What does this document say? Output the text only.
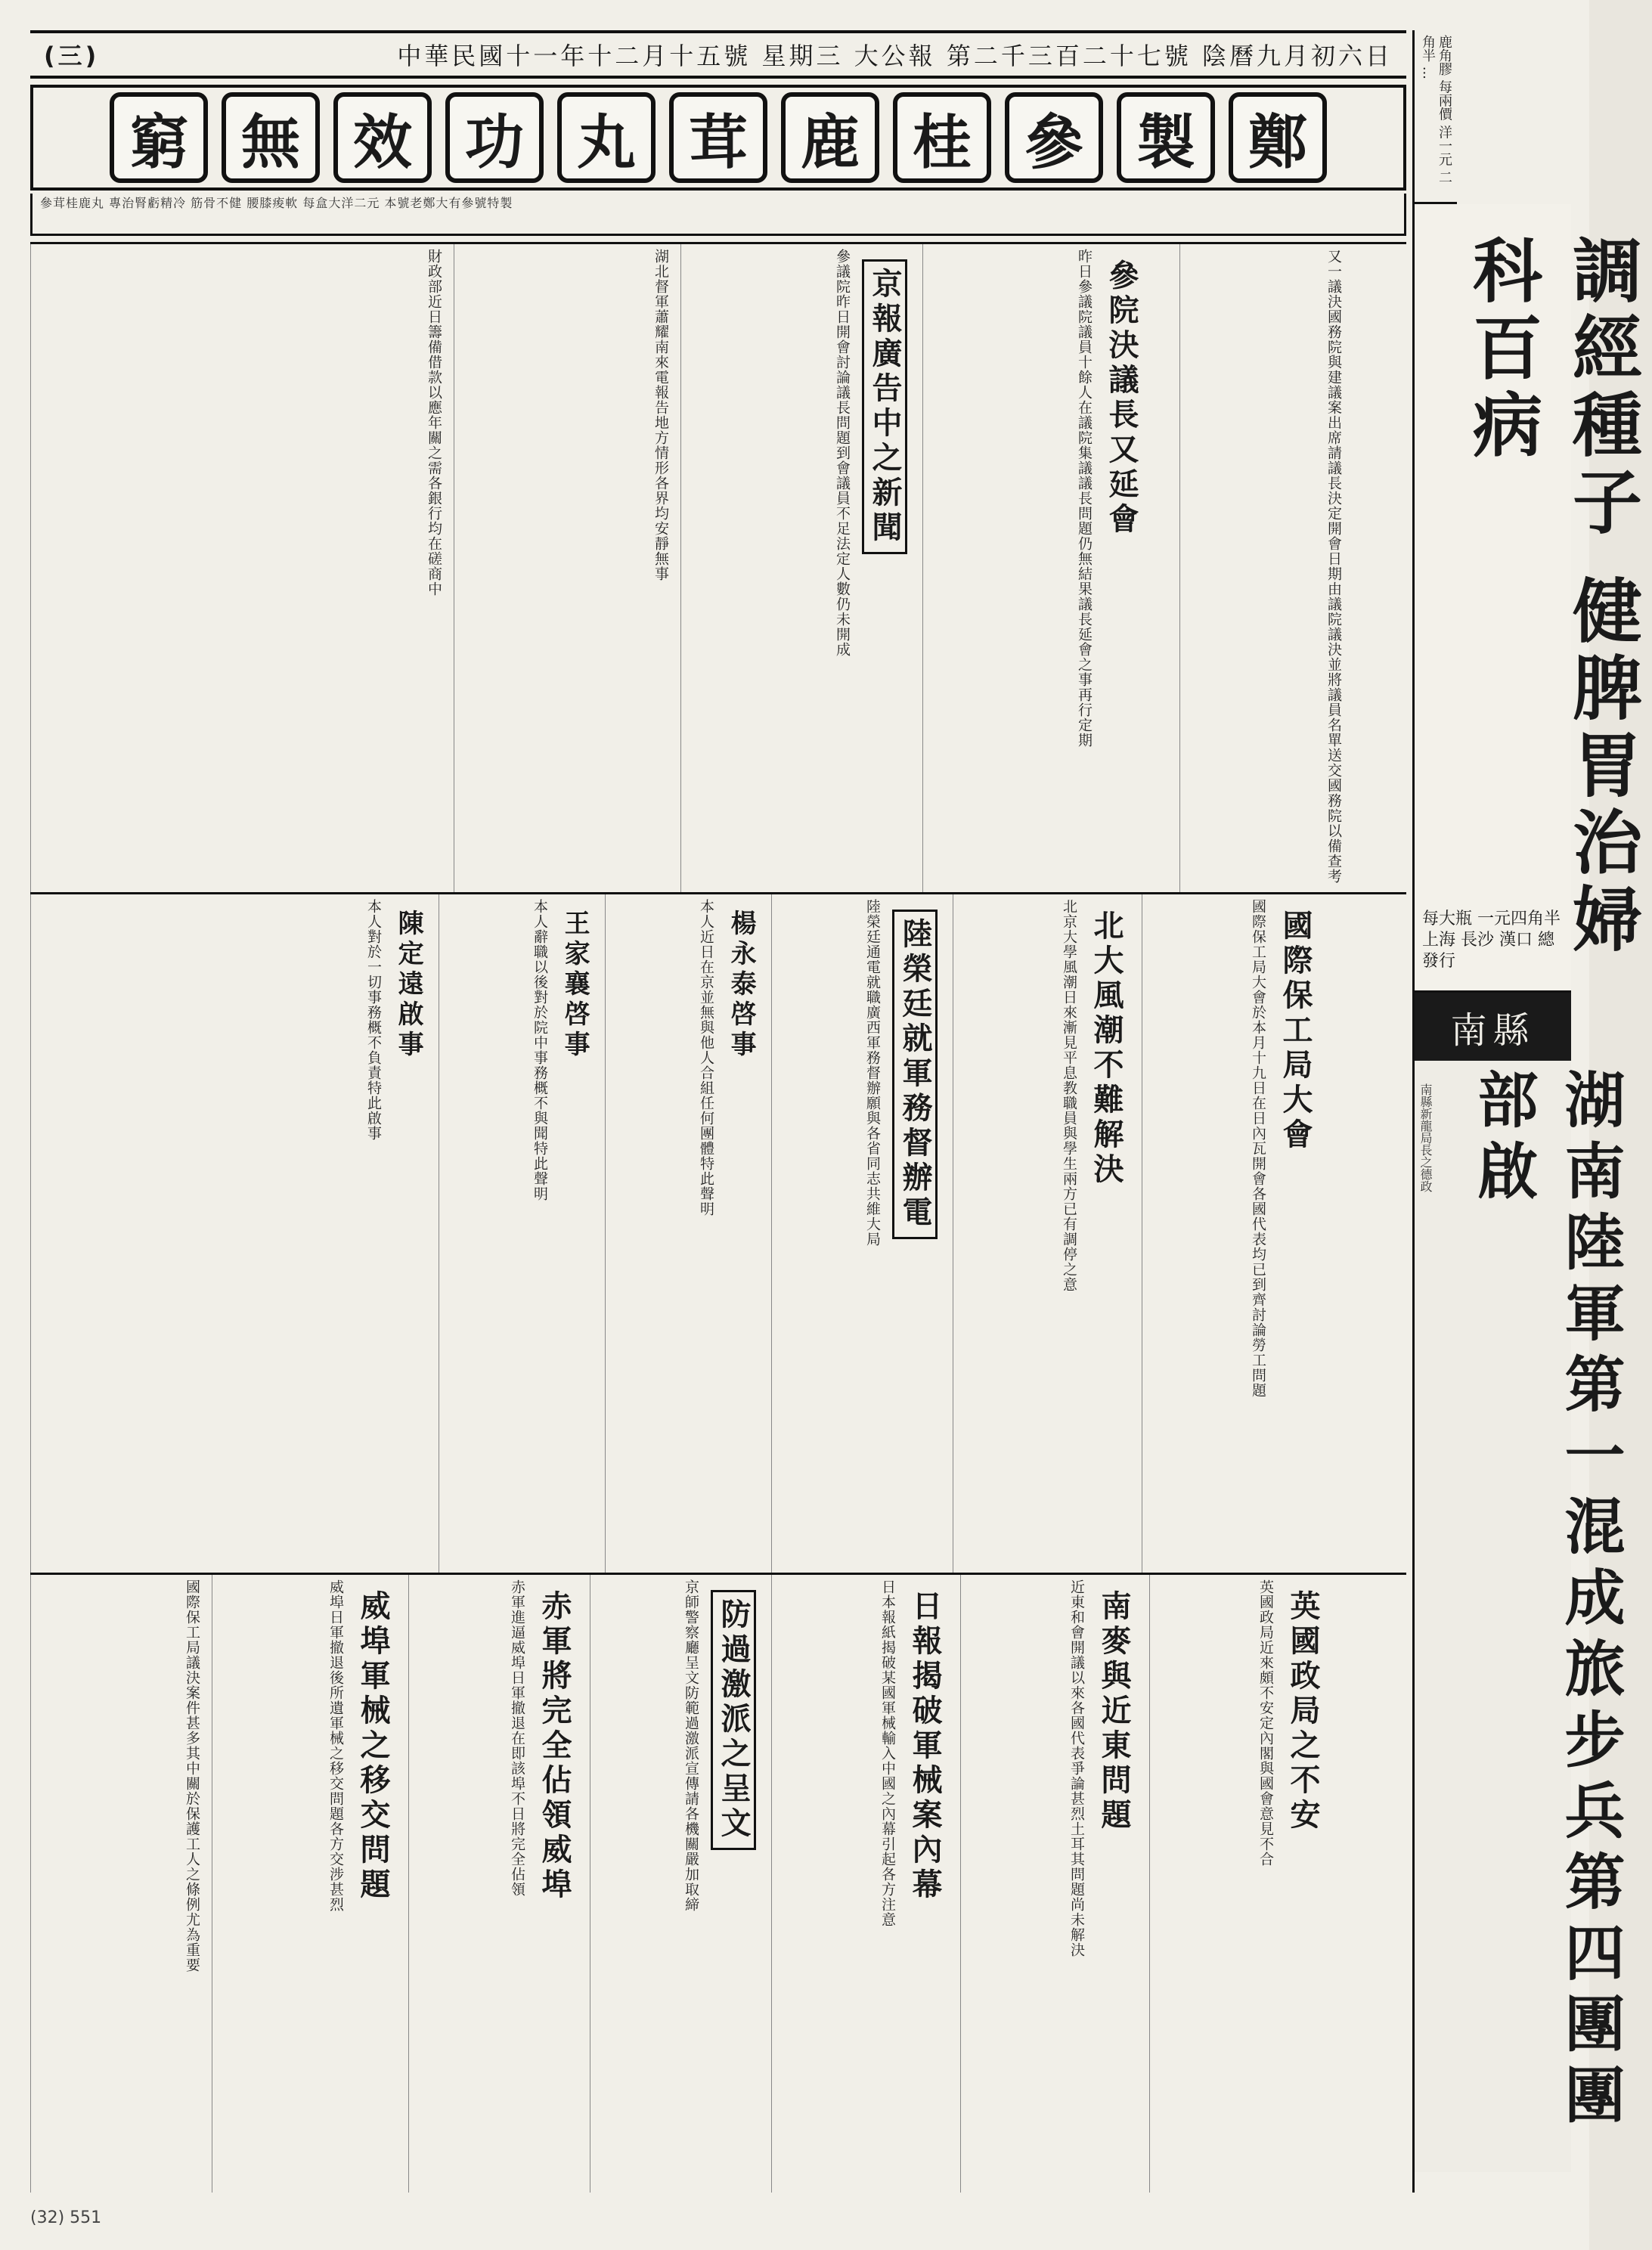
(三)	中華民國十一年十二月十五號 星期三 大公報 第二千三百二十七號 陰曆九月初六日
窮 無 效 功 丸 茸 鹿 桂 參 製 鄭
參茸桂鹿丸 專治腎虧精冷 筋骨不健 腰膝痠軟 每盒大洋二元 本號老鄭大有參號特製
鹿角膠 每兩價 洋一元 二角半 ...
調經種子 健脾胃治婦科百病
每大瓶 一元四角半
上海 長沙 漢口 總發行
南縣
湖南陸軍第一混成旅步兵第四團團部啟
南縣新龍局長之德政
又一議決國務院與建議案出席請議長決定開會日期由議院議決並將議員名單送交國務院以備查考
參院決議長又延會
昨日參議院議員十餘人在議院集議議長問題仍無結果議長延會之事再行定期
京報廣告中之新聞
參議院昨日開會討論議長問題到會議員不足法定人數仍未開成
湖北督軍蕭耀南來電報告地方情形各界均安靜無事
財政部近日籌備借款以應年關之需各銀行均在磋商中
國際保工局大會
國際保工局大會於本月十九日在日內瓦開會各國代表均已到齊討論勞工問題
北大風潮不難解決
北京大學風潮日來漸見平息教職員與學生兩方已有調停之意
陸榮廷就軍務督辦電
陸榮廷通電就職廣西軍務督辦願與各省同志共維大局
楊永泰啓事
本人近日在京並無與他人合組任何團體特此聲明
王家襄啓事
本人辭職以後對於院中事務概不與聞特此聲明
陳定遠啟事
本人對於一切事務概不負責特此啟事
英國政局之不安
英國政局近來頗不安定內閣與國會意見不合
南麥與近東問題
近東和會開議以來各國代表爭論甚烈土耳其問題尚未解決
日報揭破軍械案內幕
日本報紙揭破某國軍械輸入中國之內幕引起各方注意
防過激派之呈文
京師警察廳呈文防範過激派宣傳請各機關嚴加取締
赤軍將完全佔領威埠
赤軍進逼威埠日軍撤退在即該埠不日將完全佔領
威埠軍械之移交問題
威埠日軍撤退後所遺軍械之移交問題各方交涉甚烈
國際保工局議決案件甚多其中關於保護工人之條例尤為重要
(32) 551
